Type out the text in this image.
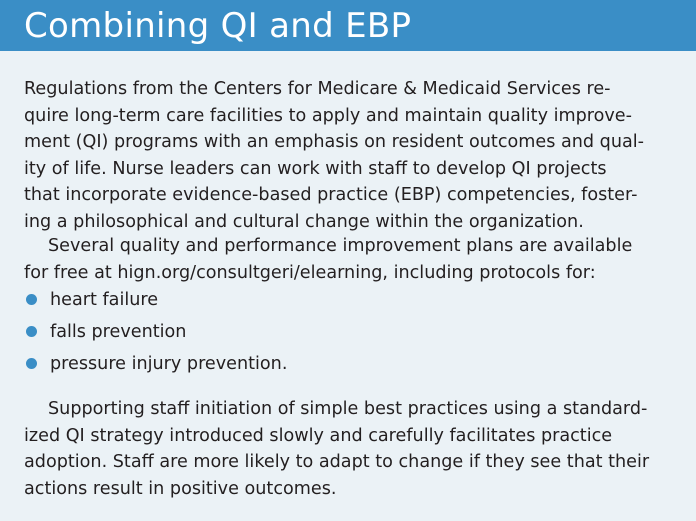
Combining QI and EBP

Regulations from the Centers for Medicare & Medicaid Services re-
quire long-term care facilities to apply and maintain quality improve-
ment (QI) programs with an emphasis on resident outcomes and qual-
ity of life. Nurse leaders can work with staff to develop QI projects
that incorporate evidence-based practice (EBP) competencies, foster-
ing a philosophical and cultural change within the organization.

Several quality and performance improvement plans are available
for free at hign.org/consultgeri/elearning, including protocols for:

heart failure
falls prevention
pressure injury prevention.

Supporting staff initiation of simple best practices using a standard-
ized QI strategy introduced slowly and carefully facilitates practice
adoption. Staff are more likely to adapt to change if they see that their
actions result in positive outcomes.
